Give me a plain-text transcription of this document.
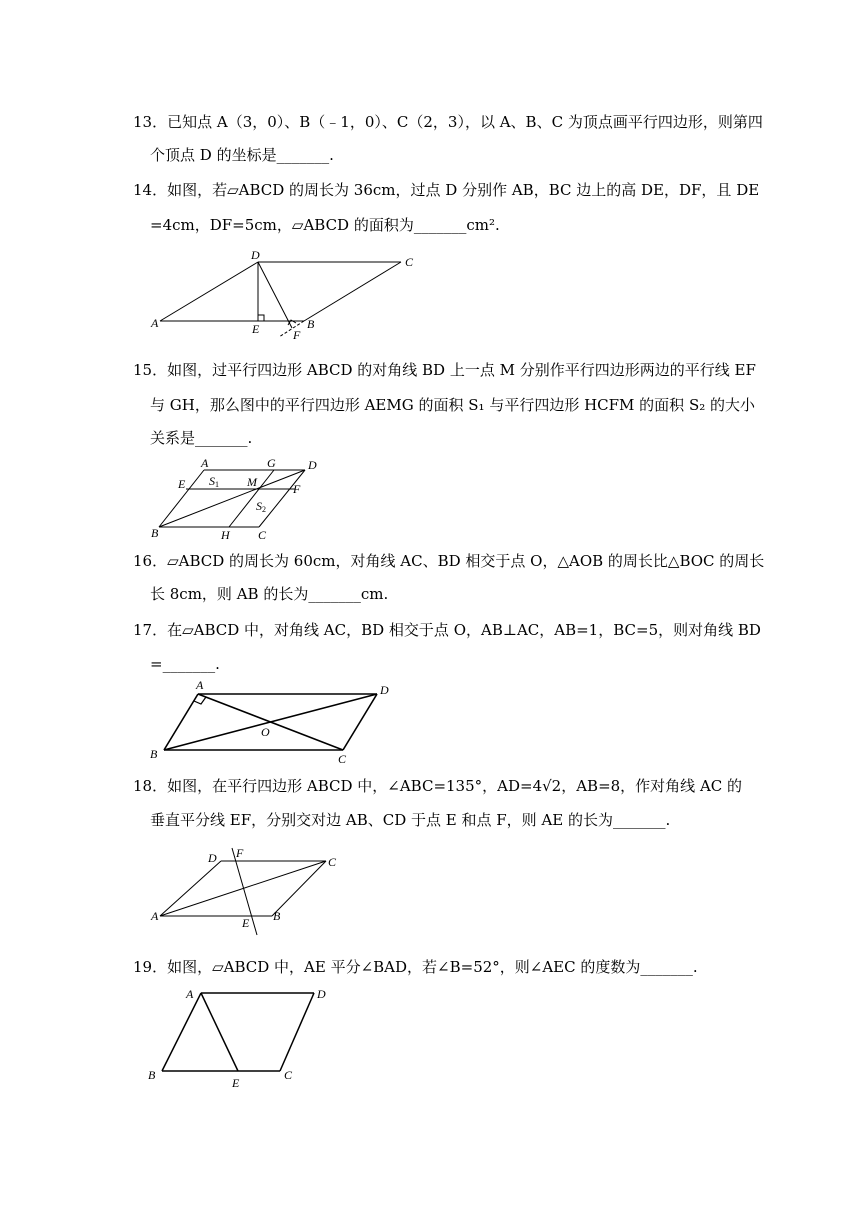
13．已知点 A（3，0）、B（﹣1，0）、C（2，3），以 A、B、C 为顶点画平行四边形，则第四
个顶点 D 的坐标是_______.
14．如图，若▱ABCD 的周长为 36cm，过点 D 分别作 AB，BC 边上的高 DE，DF，且 DE
=4cm，DF=5cm，▱ABCD 的面积为_______cm².
A
D	C
E	F
B
15．如图，过平行四边形 ABCD 的对角线 BD 上一点 M 分别作平行四边形两边的平行线 EF
与 GH，那么图中的平行四边形 AEMG 的面积 S₁ 与平行四边形 HCFM 的面积 S₂ 的大小
关系是_______.
A	G	D
E	M	F
B	H C
S1
S2
16．▱ABCD 的周长为 60cm，对角线 AC、BD 相交于点 O，△AOB 的周长比△BOC 的周长
长 8cm，则 AB 的长为_______cm.
17．在▱ABCD 中，对角线 AC，BD 相交于点 O，AB⊥AC，AB=1，BC=5，则对角线 BD
=_______.
A	D
B	C
O
18．如图，在平行四边形 ABCD 中，∠ABC=135°，AD=4√2，AB=8，作对角线 AC 的
垂直平分线 EF，分别交对边 AB、CD 于点 E 和点 F，则 AE 的长为_______.
D F
C
A	E B
19．如图，▱ABCD 中，AE 平分∠BAD，若∠B=52°，则∠AEC 的度数为_______.
A	D
B
E
C
